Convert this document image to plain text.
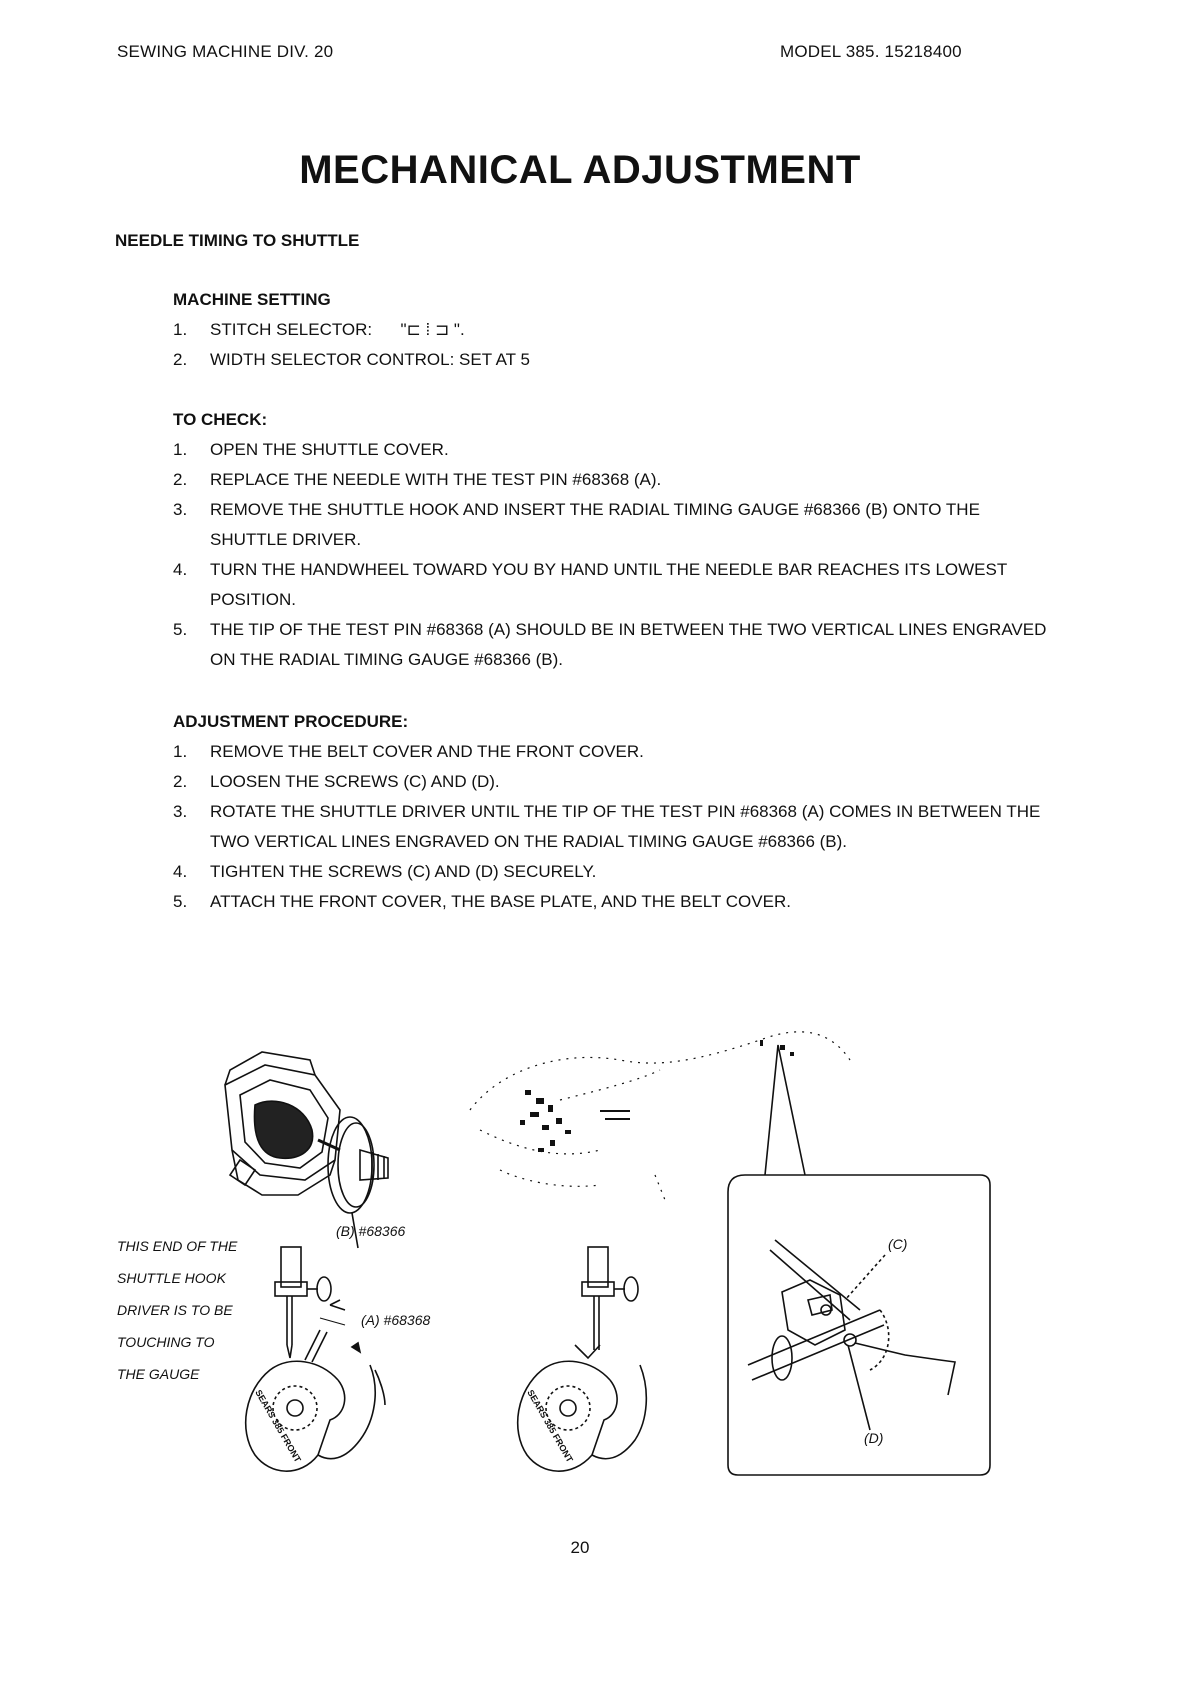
SEWING MACHINE DIV. 20	MODEL 385. 15218400
MECHANICAL ADJUSTMENT
NEEDLE TIMING TO SHUTTLE
MACHINE SETTING
1. STITCH SELECTOR:      "⊏ ⁞ ⊐ ".
2. WIDTH SELECTOR CONTROL: SET AT 5
TO CHECK:
1. OPEN THE SHUTTLE COVER.
2. REPLACE THE NEEDLE WITH THE TEST PIN #68368 (A).
3. REMOVE THE SHUTTLE HOOK AND INSERT THE RADIAL TIMING GAUGE #68366 (B) ONTO THE SHUTTLE DRIVER.
4. TURN THE HANDWHEEL TOWARD YOU BY HAND UNTIL THE NEEDLE BAR REACHES ITS LOWEST POSITION.
5. THE TIP OF THE TEST PIN #68368 (A) SHOULD BE IN BETWEEN THE TWO VERTICAL LINES ENGRAVED ON THE RADIAL TIMING GAUGE #68366 (B).
ADJUSTMENT PROCEDURE:
1. REMOVE THE BELT COVER AND THE FRONT COVER.
2. LOOSEN THE SCREWS (C) AND (D).
3. ROTATE THE SHUTTLE DRIVER UNTIL THE TIP OF THE TEST PIN #68368 (A) COMES IN BETWEEN THE TWO VERTICAL LINES ENGRAVED ON THE RADIAL TIMING GAUGE #68366 (B).
4. TIGHTEN THE SCREWS (C) AND (D) SECURELY.
5. ATTACH THE FRONT COVER, THE BASE PLATE, AND THE BELT COVER.
SEARS 385 FRONT	SEARS 385 FRONT
THIS END OF THE
SHUTTLE HOOK
DRIVER IS TO BE
TOUCHING TO
THE GAUGE
(B) #68366
(A) #68368
(C)
(D)
20
